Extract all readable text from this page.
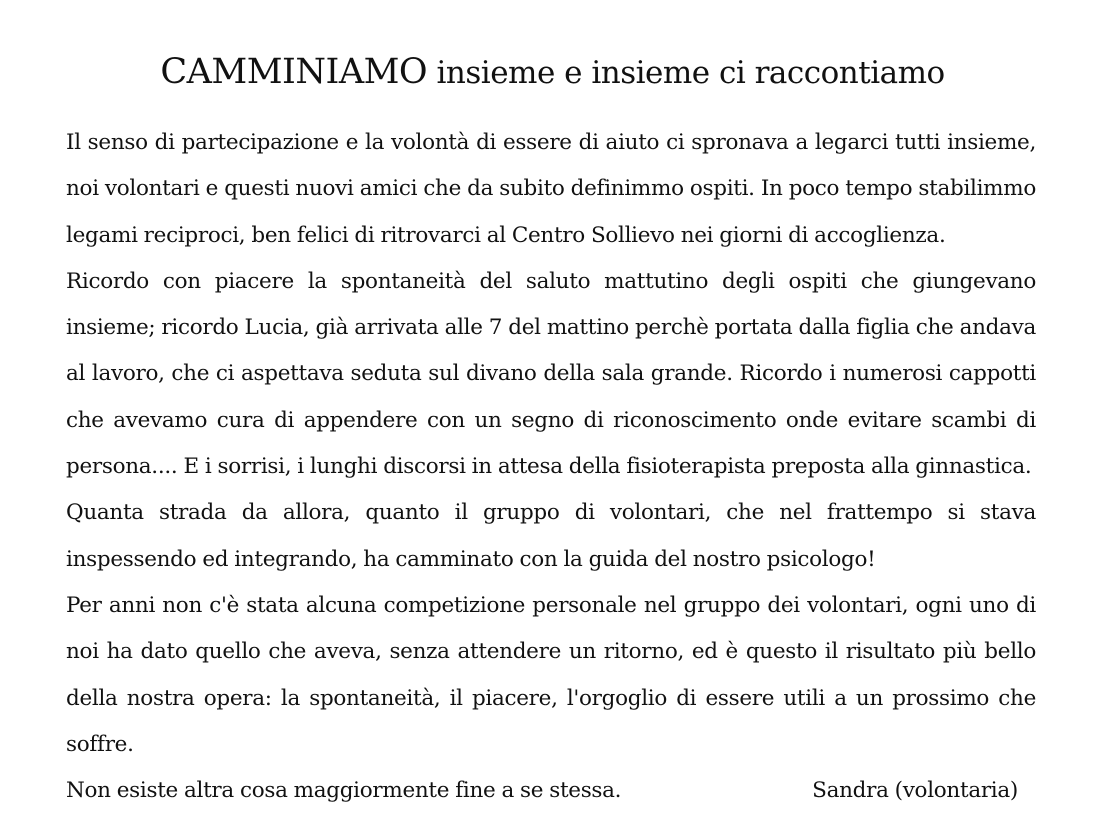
CAMMINIAMO insieme e insieme ci raccontiamo

Il senso di partecipazione e la volontà di essere di aiuto ci spronava a legarci tutti insieme, noi volontari e questi nuovi amici che da subito definimmo ospiti. In poco tempo stabilimmo legami reciproci, ben felici di ritrovarci al Centro Sollievo nei giorni di accoglienza.

Ricordo con piacere la spontaneità del saluto mattutino degli ospiti che giungevano insieme; ricordo Lucia, già arrivata alle 7 del mattino perchè portata dalla figlia che andava al lavoro, che ci aspettava seduta sul divano della sala grande. Ricordo i numerosi cappotti che avevamo cura di appendere con un segno di riconoscimento onde evitare scambi di persona.... E i sorrisi, i lunghi discorsi in attesa della fisioterapista preposta alla ginnastica.

Quanta strada da allora, quanto il gruppo di volontari, che nel frattempo si stava inspessendo ed integrando, ha camminato con la guida del nostro psicologo!

Per anni non c'è stata alcuna competizione personale nel gruppo dei volontari, ogni uno di noi ha dato quello che aveva, senza attendere un ritorno, ed è questo il risultato più bello della nostra opera: la spontaneità, il piacere, l'orgoglio di essere utili a un prossimo che soffre.

Non esiste altra cosa maggiormente fine a se stessa.	Sandra (volontaria)
